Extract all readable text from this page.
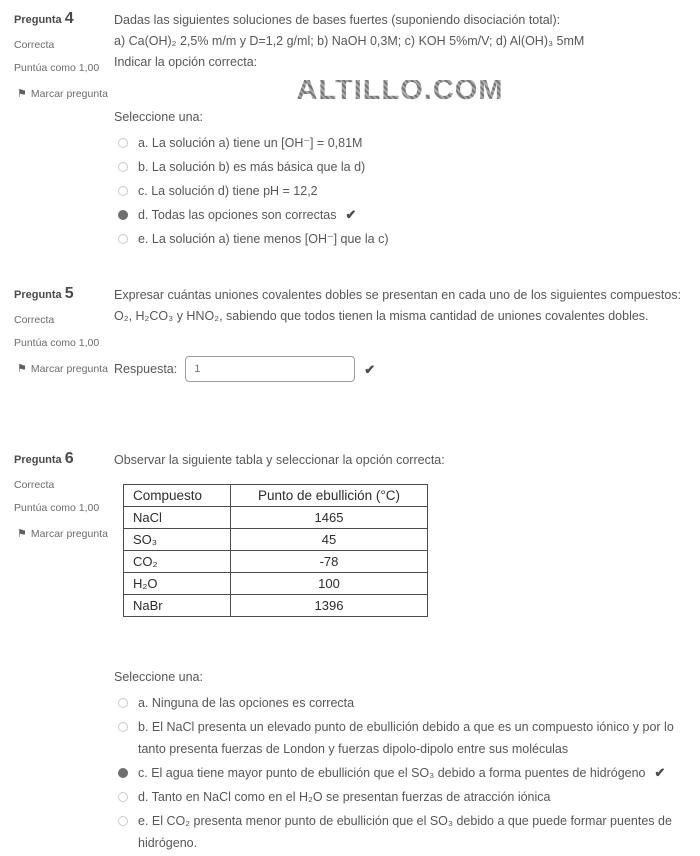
Pregunta 4
Correcta
Puntúa como 1,00
⚑ Marcar pregunta
Dadas las siguientes soluciones de bases fuertes (suponiendo disociación total):
a) Ca(OH)₂ 2,5% m/m y D=1,2 g/ml; b) NaOH 0,3M; c) KOH 5%m/V; d) Al(OH)₃ 5mM
Indicar la opción correcta:
ALTILLO.COM
Seleccione una:
a. La solución a) tiene un [OH⁻] = 0,81M
b. La solución b) es más básica que la d)
c. La solución d) tiene pH = 12,2
d. Todas las opciones son correctas ✔
e. La solución a) tiene menos [OH⁻] que la c)
Pregunta 5
Correcta
Puntúa como 1,00
⚑ Marcar pregunta
Expresar cuántas uniones covalentes dobles se presentan en cada uno de los siguientes compuestos: O₂, H₂CO₃ y HNO₂, sabiendo que todos tienen la misma cantidad de uniones covalentes dobles.
Respuesta:
1	✔
Pregunta 6
Correcta
Puntúa como 1,00
⚑ Marcar pregunta
Observar la siguiente tabla y seleccionar la opción correcta:
Compuesto	Punto de ebullición (°C)
NaCl	1465
SO₃	45
CO₂	-78
H₂O	100
NaBr	1396
Seleccione una:
a. Ninguna de las opciones es correcta
b. El NaCl presenta un elevado punto de ebullición debido a que es un compuesto iónico y por lo tanto presenta fuerzas de London y fuerzas dipolo-dipolo entre sus moléculas
c. El agua tiene mayor punto de ebullición que el SO₃ debido a forma puentes de hidrógeno ✔
d. Tanto en NaCl como en el H₂O se presentan fuerzas de atracción iónica
e. El CO₂ presenta menor punto de ebullición que el SO₃ debido a que puede formar puentes de hidrógeno.
